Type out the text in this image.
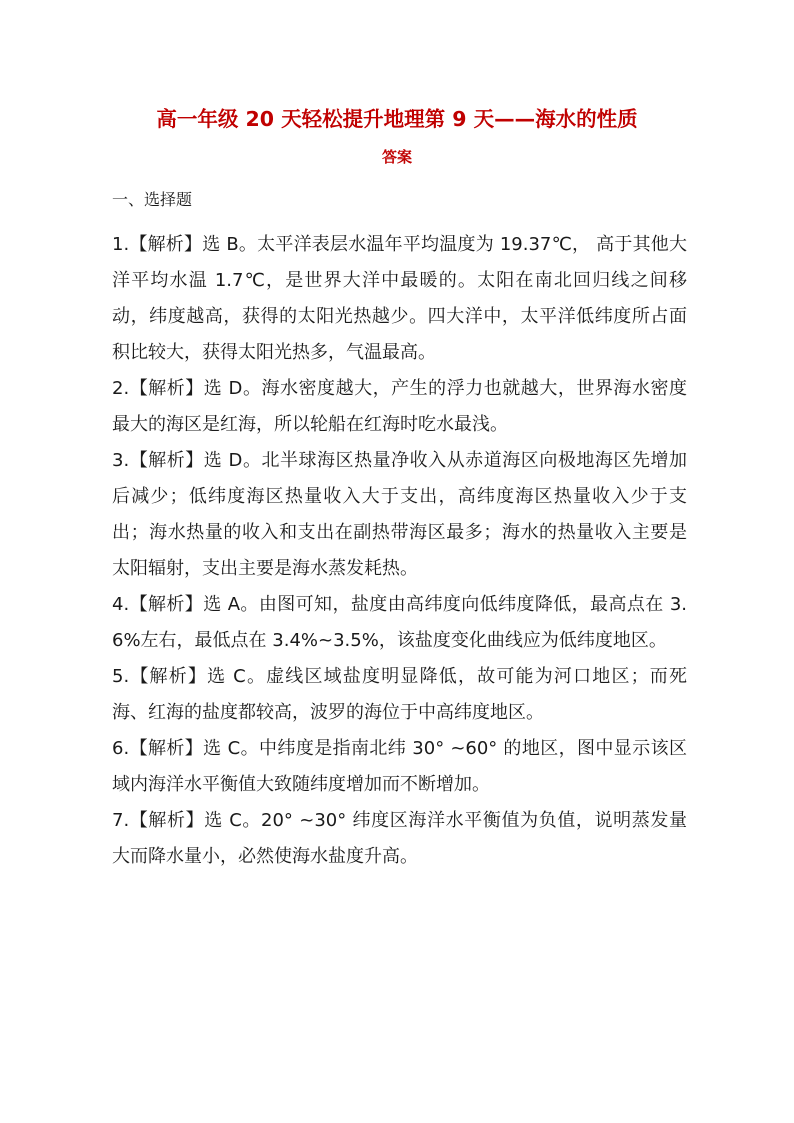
高一年级 20 天轻松提升地理第 9 天——海水的性质
答案
一、选择题
1.【解析】选 B。太平洋表层水温年平均温度为 19.37℃， 高于其他大洋平均水温 1.7℃，是世界大洋中最暖的。太阳在南北回归线之间移动，纬度越高，获得的太阳光热越少。四大洋中，太平洋低纬度所占面积比较大，获得太阳光热多，气温最高。
2.【解析】选 D。海水密度越大，产生的浮力也就越大，世界海水密度最大的海区是红海，所以轮船在红海时吃水最浅。
3.【解析】选 D。北半球海区热量净收入从赤道海区向极地海区先增加后减少；低纬度海区热量收入大于支出，高纬度海区热量收入少于支出；海水热量的收入和支出在副热带海区最多；海水的热量收入主要是太阳辐射，支出主要是海水蒸发耗热。
4.【解析】选 A。由图可知，盐度由高纬度向低纬度降低，最高点在 3.6%左右，最低点在 3.4%~3.5%，该盐度变化曲线应为低纬度地区。
5.【解析】选 C。虚线区域盐度明显降低，故可能为河口地区；而死海、红海的盐度都较高，波罗的海位于中高纬度地区。
6.【解析】选 C。中纬度是指南北纬 30° ~60° 的地区，图中显示该区域内海洋水平衡值大致随纬度增加而不断增加。
7.【解析】选 C。20° ~30° 纬度区海洋水平衡值为负值，说明蒸发量大而降水量小，必然使海水盐度升高。
